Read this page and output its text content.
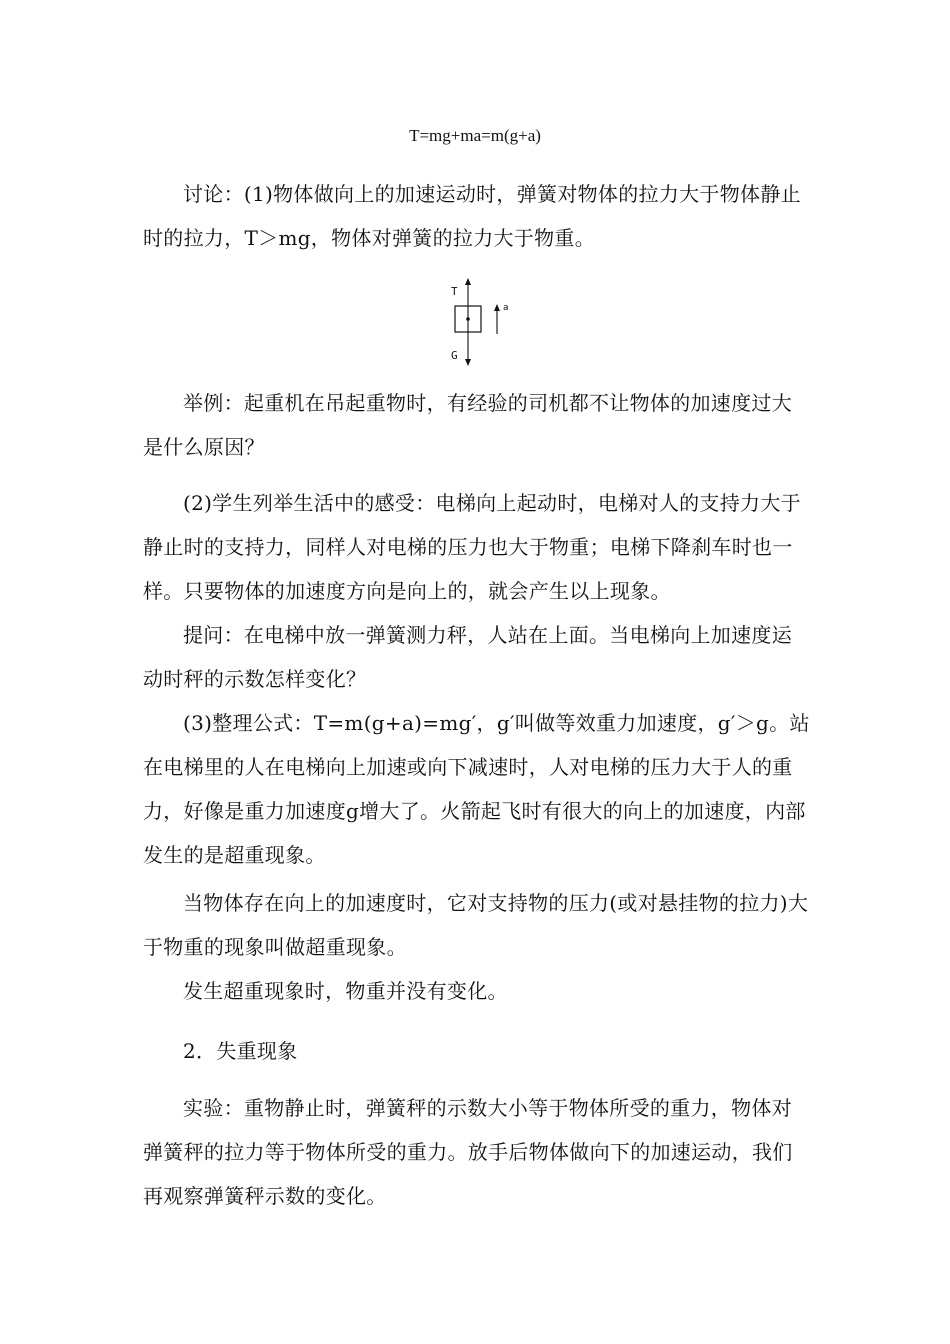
T=mg+ma=m(g+a)

讨论：(1)物体做向上的加速运动时，弹簧对物体的拉力大于物体静止时的拉力，T＞mg，物体对弹簧的拉力大于物重。

T
G
a

举例：起重机在吊起重物时，有经验的司机都不让物体的加速度过大是什么原因？

(2)学生列举生活中的感受：电梯向上起动时，电梯对人的支持力大于静止时的支持力，同样人对电梯的压力也大于物重；电梯下降刹车时也一样。只要物体的加速度方向是向上的，就会产生以上现象。

提问：在电梯中放一弹簧测力秤，人站在上面。当电梯向上加速度运动时秤的示数怎样变化？

(3)整理公式：T=m(g+a)=mg′，g′叫做等效重力加速度，g′＞g。站在电梯里的人在电梯向上加速或向下减速时，人对电梯的压力大于人的重力，好像是重力加速度g增大了。火箭起飞时有很大的向上的加速度，内部发生的是超重现象。

当物体存在向上的加速度时，它对支持物的压力(或对悬挂物的拉力)大于物重的现象叫做超重现象。

发生超重现象时，物重并没有变化。

2．失重现象

实验：重物静止时，弹簧秤的示数大小等于物体所受的重力，物体对弹簧秤的拉力等于物体所受的重力。放手后物体做向下的加速运动，我们再观察弹簧秤示数的变化。
